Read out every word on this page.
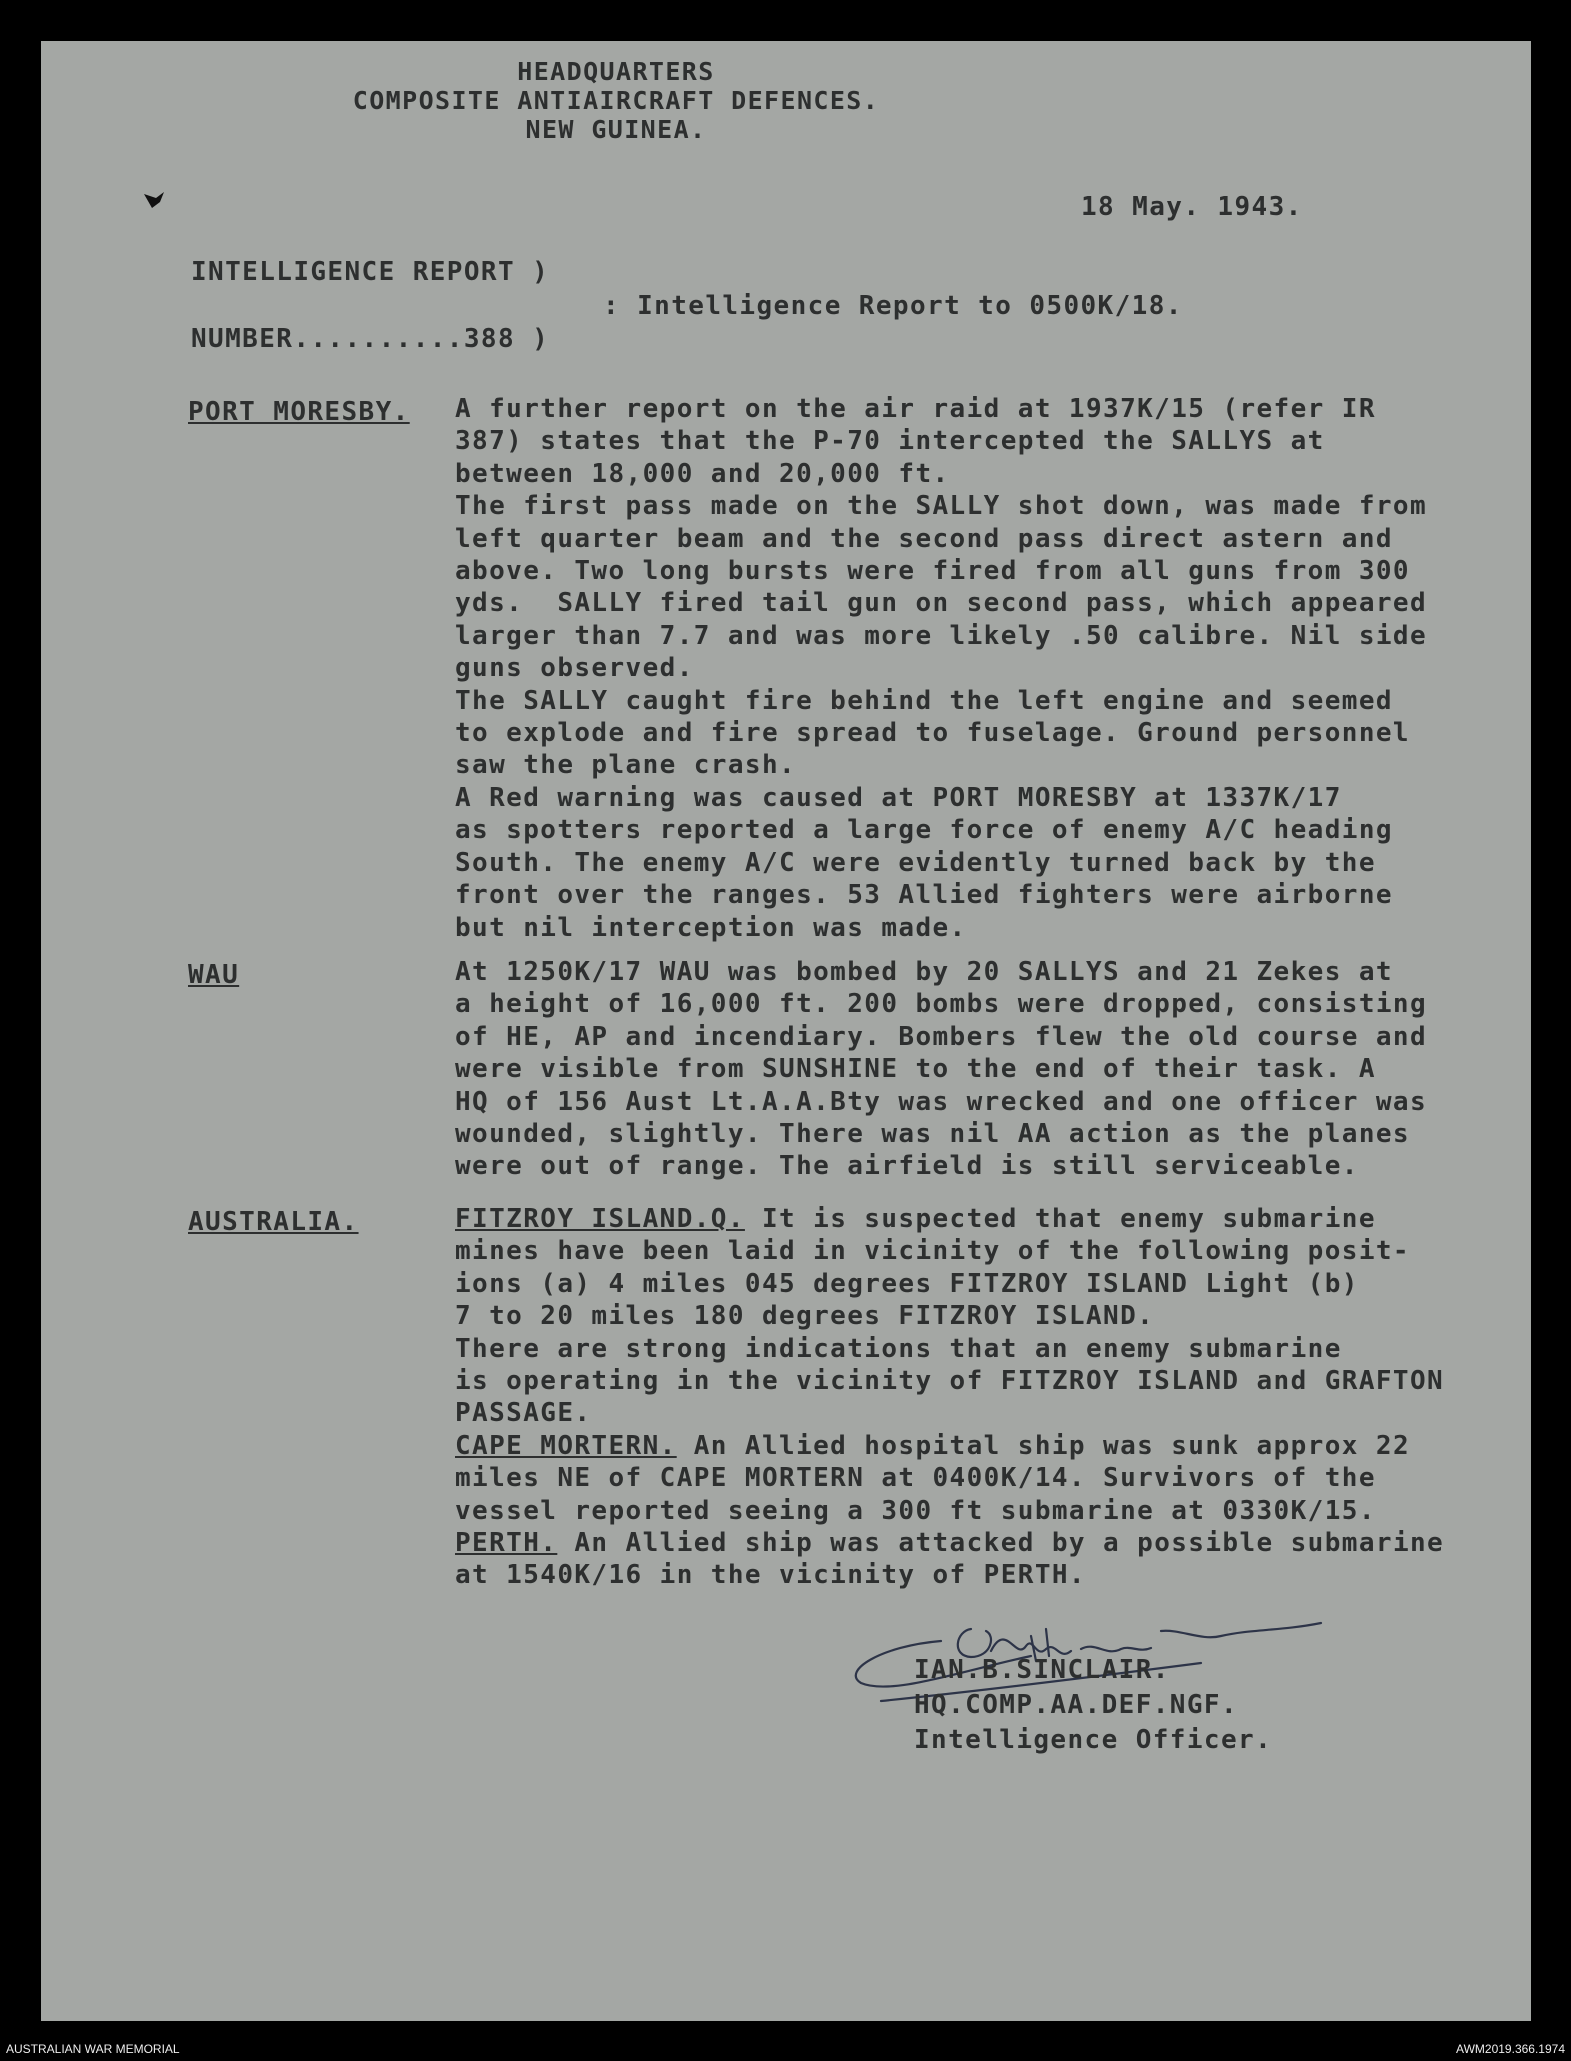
HEADQUARTERS
COMPOSITE ANTIAIRCRAFT DEFENCES.
NEW GUINEA.
18 May. 1943.
INTELLIGENCE REPORT )
NUMBER..........388 )
: Intelligence Report to 0500K/18.
PORT MORESBY. A further report on the air raid at 1937K/15 (refer IR
387) states that the P-70 intercepted the SALLYS at
between 18,000 and 20,000 ft.
The first pass made on the SALLY shot down, was made from
left quarter beam and the second pass direct astern and
above. Two long bursts were fired from all guns from 300
yds.  SALLY fired tail gun on second pass, which appeared
larger than 7.7 and was more likely .50 calibre. Nil side
guns observed.
The SALLY caught fire behind the left engine and seemed
to explode and fire spread to fuselage. Ground personnel
saw the plane crash.
A Red warning was caused at PORT MORESBY at 1337K/17
as spotters reported a large force of enemy A/C heading
South. The enemy A/C were evidently turned back by the
front over the ranges. 53 Allied fighters were airborne
but nil interception was made.
WAU	At 1250K/17 WAU was bombed by 20 SALLYS and 21 Zekes at
a height of 16,000 ft. 200 bombs were dropped, consisting
of HE, AP and incendiary. Bombers flew the old course and
were visible from SUNSHINE to the end of their task. A
HQ of 156 Aust Lt.A.A.Bty was wrecked and one officer was
wounded, slightly. There was nil AA action as the planes
were out of range. The airfield is still serviceable.
AUSTRALIA.	FITZROY ISLAND.Q. It is suspected that enemy submarine
mines have been laid in vicinity of the following posit-
ions (a) 4 miles 045 degrees FITZROY ISLAND Light (b)
7 to 20 miles 180 degrees FITZROY ISLAND.
There are strong indications that an enemy submarine
is operating in the vicinity of FITZROY ISLAND and GRAFTON
PASSAGE.
CAPE MORTERN. An Allied hospital ship was sunk approx 22
miles NE of CAPE MORTERN at 0400K/14. Survivors of the
vessel reported seeing a 300 ft submarine at 0330K/15.
PERTH. An Allied ship was attacked by a possible submarine
at 1540K/16 in the vicinity of PERTH.
IAN.B.SINCLAIR.
HQ.COMP.AA.DEF.NGF.
Intelligence Officer.
AUSTRALIAN WAR MEMORIAL	AWM2019.366.1974
